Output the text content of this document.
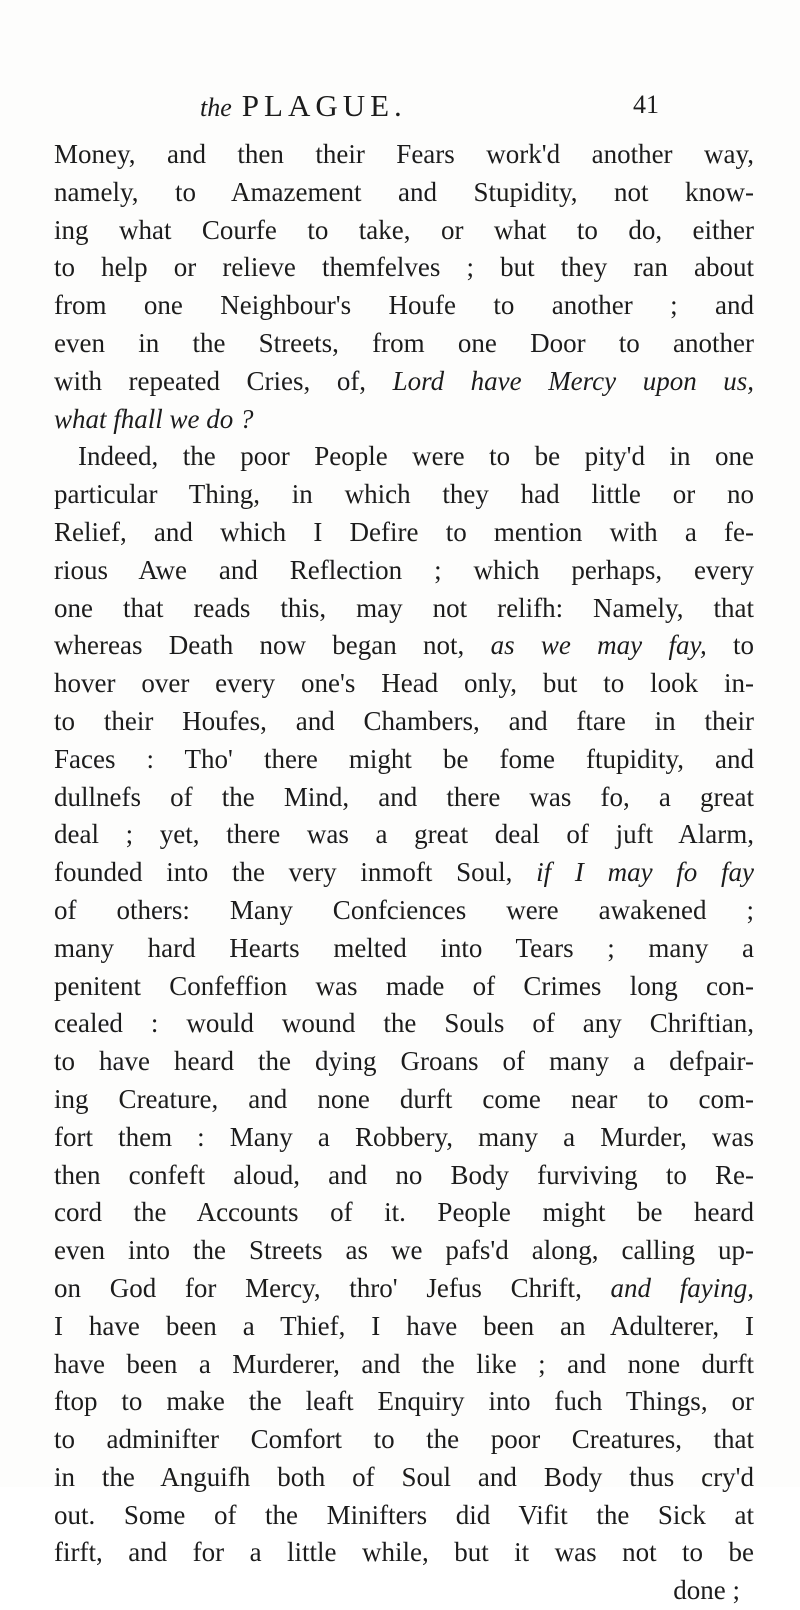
the PLAGUE.	41
Money, and then their Fears work'd another way,
namely, to Amazement and Stupidity, not know-
ing what Courfe to take, or what to do, either
to help or relieve themfelves ; but they ran about
from one Neighbour's Houfe to another ; and
even in the Streets, from one Door to another
with repeated Cries, of, Lord have Mercy upon us,
what fhall we do ?
Indeed, the poor People were to be pity'd in one
particular Thing, in which they had little or no
Relief, and which I Defire to mention with a fe-
rious Awe and Reflection ; which perhaps, every
one that reads this, may not relifh: Namely, that
whereas Death now began not, as we may fay, to
hover over every one's Head only, but to look in-
to their Houfes, and Chambers, and ftare in their
Faces : Tho' there might be fome ftupidity, and
dullnefs of the Mind, and there was fo, a great
deal ; yet, there was a great deal of juft Alarm,
founded into the very inmoft Soul, if I may fo fay
of others: Many Confciences were awakened ;
many hard Hearts melted into Tears ; many a
penitent Confeffion was made of Crimes long con-
cealed : would wound the Souls of any Chriftian,
to have heard the dying Groans of many a defpair-
ing Creature, and none durft come near to com-
fort them : Many a Robbery, many a Murder, was
then confeft aloud, and no Body furviving to Re-
cord the Accounts of it. People might be heard
even into the Streets as we pafs'd along, calling up-
on God for Mercy, thro' Jefus Chrift, and faying,
I have been a Thief, I have been an Adulterer, I
have been a Murderer, and the like ; and none durft
ftop to make the leaft Enquiry into fuch Things, or
to adminifter Comfort to the poor Creatures, that
in the Anguifh both of Soul and Body thus cry'd
out. Some of the Minifters did Vifit the Sick at
firft, and for a little while, but it was not to be
done ;
